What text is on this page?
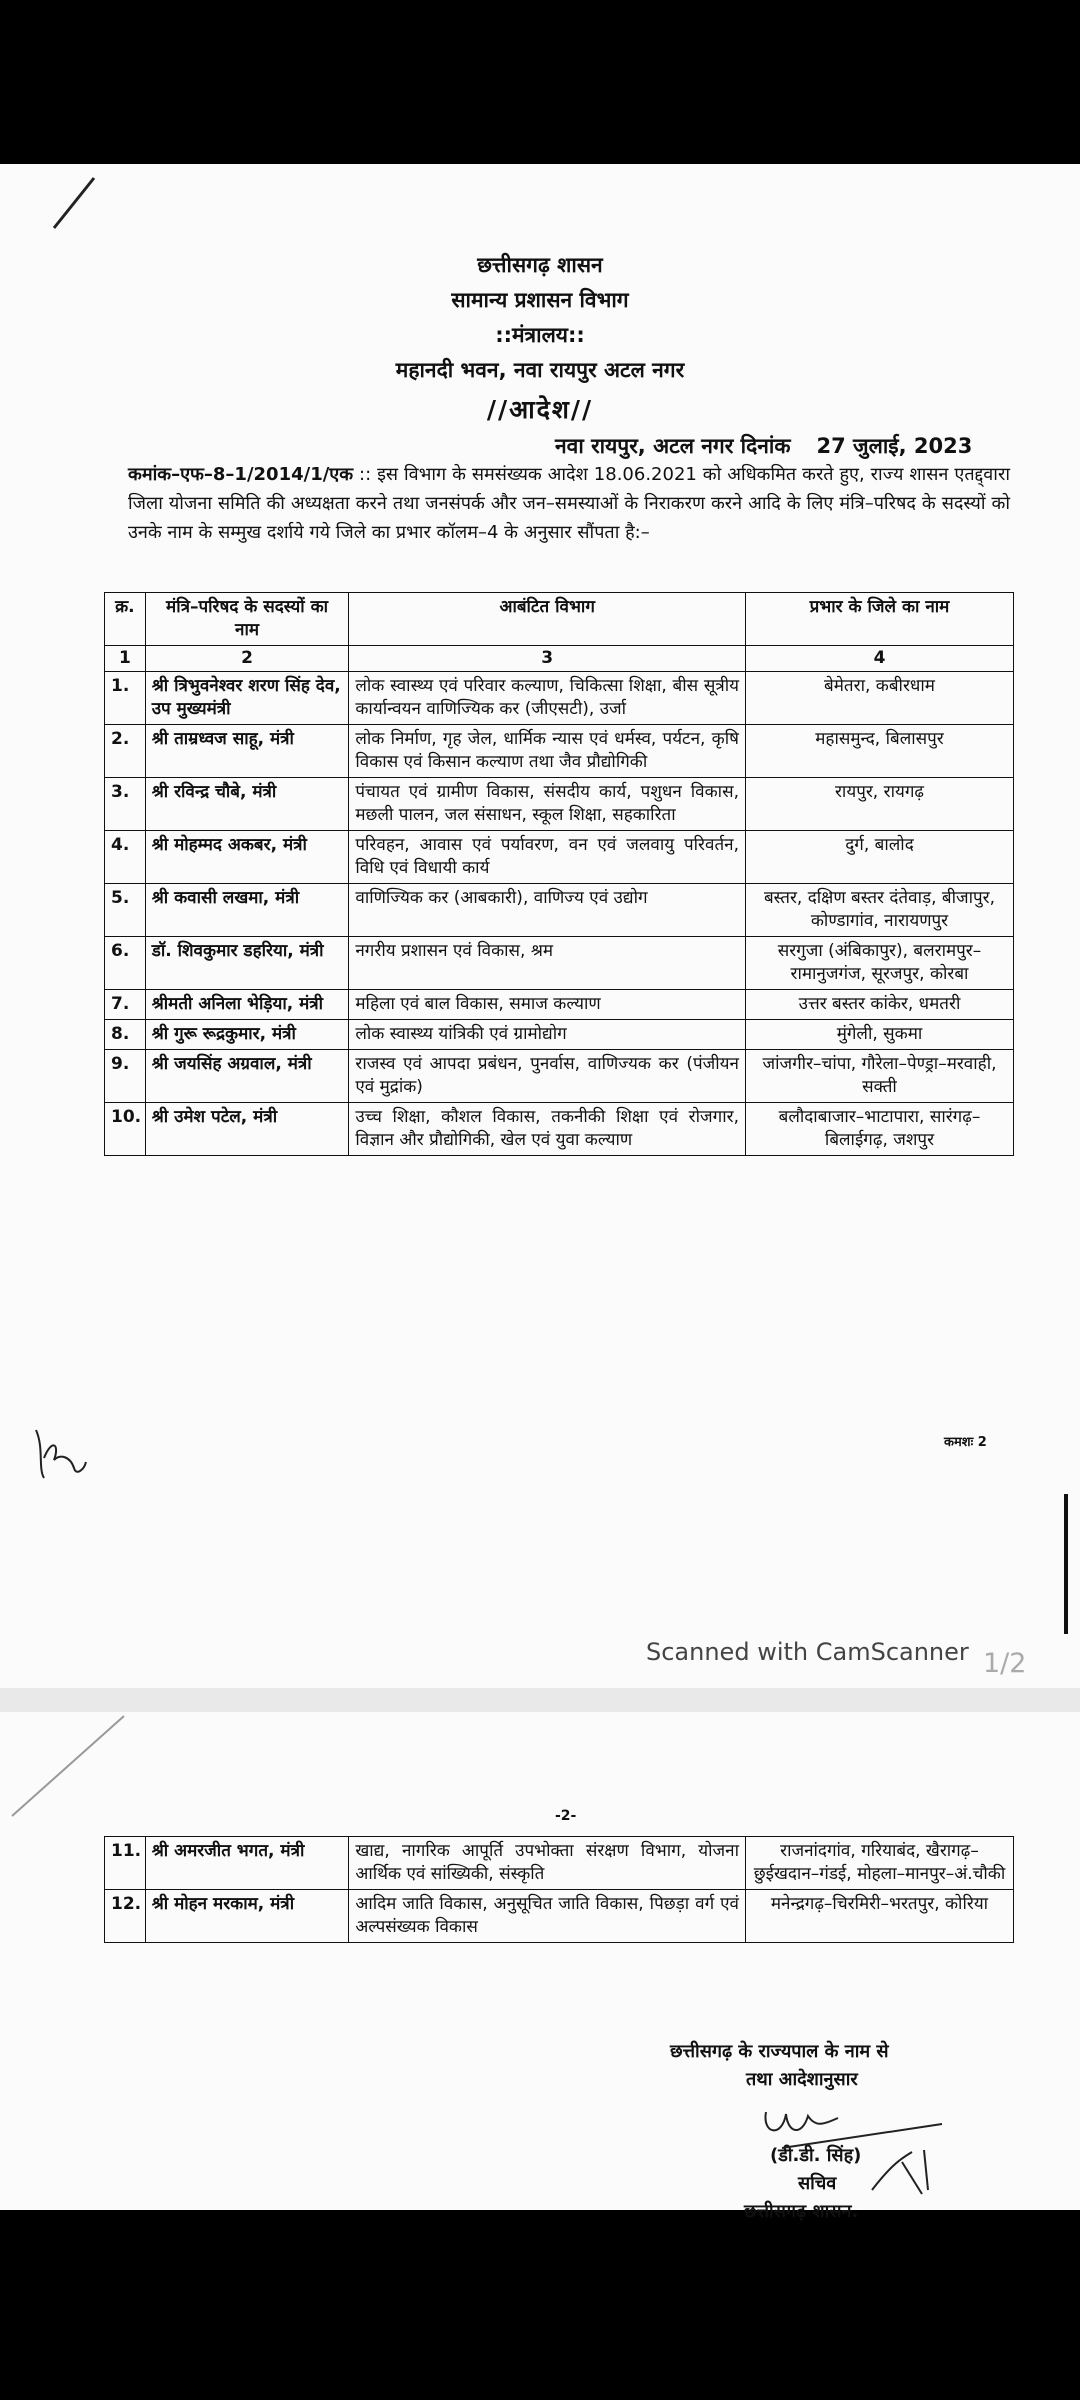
छत्तीसगढ़ शासन
सामान्य प्रशासन विभाग
::मंत्रालय::
महानदी भवन, नवा रायपुर अटल नगर
//आदेश//
नवा रायपुर, अटल नगर दिनांक 27 जुलाई, 2023
कमांक–एफ–8–1/2014/1/एक :: इस विभाग के समसंख्यक आदेश 18.06.2021 को अधिकमित करते हुए, राज्य शासन एतद्द्वारा जिला योजना समिति की अध्यक्षता करने तथा जनसंपर्क और जन–समस्याओं के निराकरण करने आदि के लिए मंत्रि–परिषद के सदस्यों को उनके नाम के सम्मुख दर्शाये गये जिले का प्रभार कॉलम–4 के अनुसार सौंपता है:–
क्र.	मंत्रि–परिषद के सदस्यों का नाम	आबंटित विभाग	प्रभार के जिले का नाम
1	2	3	4
1.	श्री त्रिभुवनेश्वर शरण सिंह देव, उप मुख्यमंत्री	लोक स्वास्थ्य एवं परिवार कल्याण, चिकित्सा शिक्षा, बीस सूत्रीय कार्यान्वयन वाणिज्यिक कर (जीएसटी), उर्जा	बेमेतरा, कबीरधाम
2.	श्री ताम्रध्वज साहू, मंत्री	लोक निर्माण, गृह जेल, धार्मिक न्यास एवं धर्मस्व, पर्यटन, कृषि विकास एवं किसान कल्याण तथा जैव प्रौद्योगिकी	महासमुन्द, बिलासपुर
3.	श्री रविन्द्र चौबे, मंत्री	पंचायत एवं ग्रामीण विकास, संसदीय कार्य, पशुधन विकास, मछली पालन, जल संसाधन, स्कूल शिक्षा, सहकारिता	रायपुर, रायगढ़
4.	श्री मोहम्मद अकबर, मंत्री	परिवहन, आवास एवं पर्यावरण, वन एवं जलवायु परिवर्तन, विधि एवं विधायी कार्य	दुर्ग, बालोद
5.	श्री कवासी लखमा, मंत्री	वाणिज्यिक कर (आबकारी), वाणिज्य एवं उद्योग	बस्तर, दक्षिण बस्तर दंतेवाड़, बीजापुर, कोण्डागांव, नारायणपुर
6.	डॉ. शिवकुमार डहरिया, मंत्री	नगरीय प्रशासन एवं विकास, श्रम	सरगुजा (अंबिकापुर), बलरामपुर–रामानुजगंज, सूरजपुर, कोरबा
7.	श्रीमती अनिला भेड़िया, मंत्री	महिला एवं बाल विकास, समाज कल्याण	उत्तर बस्तर कांकेर, धमतरी
8.	श्री गुरू रूद्रकुमार, मंत्री	लोक स्वास्थ्य यांत्रिकी एवं ग्रामोद्योग	मुंगेली, सुकमा
9.	श्री जयसिंह अग्रवाल, मंत्री	राजस्व एवं आपदा प्रबंधन, पुनर्वास, वाणिज्यक कर (पंजीयन एवं मुद्रांक)	जांजगीर–चांपा, गौरेला–पेण्ड्रा–मरवाही, सक्ती
10.	श्री उमेश पटेल, मंत्री	उच्च शिक्षा, कौशल विकास, तकनीकी शिक्षा एवं रोजगार, विज्ञान और प्रौद्योगिकी, खेल एवं युवा कल्याण	बलौदाबाजार–भाटापारा, सारंगढ़–बिलाईगढ़, जशपुर
कमशः 2
Scanned with CamScanner 1/2
-2-
11.	श्री अमरजीत भगत, मंत्री	खाद्य, नागरिक आपूर्ति उपभोक्ता संरक्षण विभाग, योजना आर्थिक एवं सांख्यिकी, संस्कृति	राजनांदगांव, गरियाबंद, खैरागढ़–छुईखदान–गंडई, मोहला–मानपुर–अं.चौकी
12.	श्री मोहन मरकाम, मंत्री	आदिम जाति विकास, अनुसूचित जाति विकास, पिछड़ा वर्ग एवं अल्पसंख्यक विकास	मनेन्द्रगढ़–चिरमिरी–भरतपुर, कोरिया
छत्तीसगढ़ के राज्यपाल के नाम से
तथा आदेशानुसार
(डी.डी. सिंह)
सचिव
छत्तीसगढ़ शासन.
